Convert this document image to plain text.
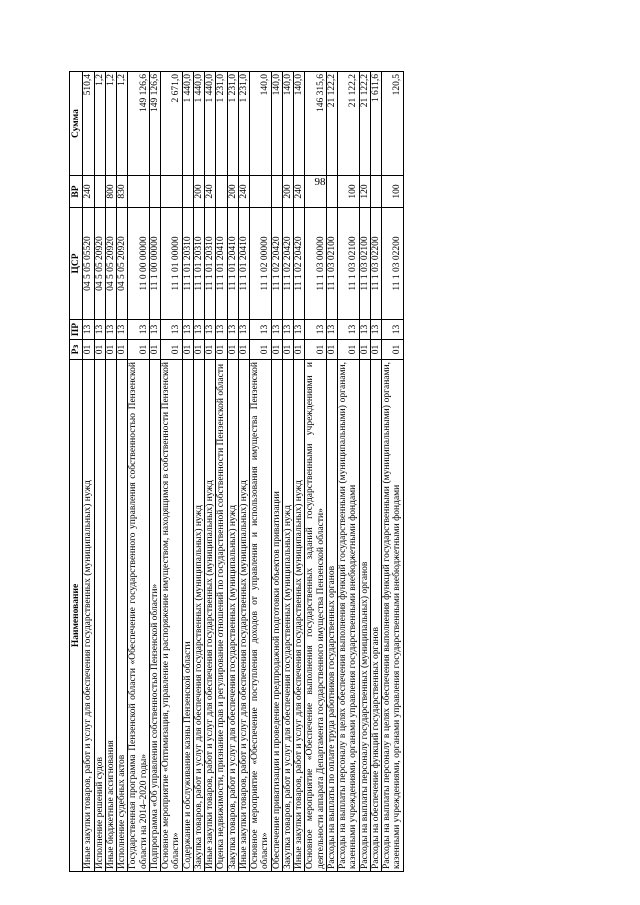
98
Наименование	Рз	ПР	ЦСР	ВР	Сумма
Иные закупки товаров, работ и услуг для обеспечения государственных (муниципальных) нужд	01	13	04 5 05 05520	240	510,4
Исполнение решений судов	01	13	04 5 05 20920		1,2
Иные бюджетные ассигнования	01	13	04 5 05 20920	800	1,2
Исполнение судебных актов	01	13	04 5 05 20920	830	1,2
Государственная программа Пензенской области «Обеспечение государственного управления собственностью Пензенской области на 2014–2020 годы»	01	13	11 0 00 00000		149 126,6
Подпрограмма «Об управлении собственностью Пензенской области»	01	13	11 1 00 00000		149 126,6
Основное мероприятие «Оптимизация, управление и распоряжение имуществом, находящимся в собственности Пензенской области»	01	13	11 1 01 00000		2 671,0
Содержание и обслуживание казны Пензенской области	01	13	11 1 01 20310		1 440,0
Закупка товаров, работ и услуг для обеспечения государственных (муниципальных) нужд	01	13	11 1 01 20310	200	1 440,0
Иные закупки товаров, работ и услуг для обеспечения государственных (муниципальных) нужд	01	13	11 1 01 20310	240	1 440,0
Оценка недвижимости, признание прав и регулирование отношений по государственной собственности Пензенской области	01	13	11 1 01 20410		1 231,0
Закупка товаров, работ и услуг для обеспечения государственных (муниципальных) нужд	01	13	11 1 01 20410	200	1 231,0
Иные закупки товаров, работ и услуг для обеспечения государственных (муниципальных) нужд	01	13	11 1 01 20410	240	1 231,0
Основное мероприятие «Обеспечение поступления доходов от управления и использования имущества Пензенской области»	01	13	11 1 02 00000		140,0
Обеспечение приватизации и проведение предпродажной подготовки объектов приватизации	01	13	11 1 02 20420		140,0
Закупка товаров, работ и услуг для обеспечения государственных (муниципальных) нужд	01	13	11 1 02 20420	200	140,0
Иные закупки товаров, работ и услуг для обеспечения государственных (муниципальных) нужд	01	13	11 1 02 20420	240	140,0
Основное мероприятие «Обеспечение выполнения государственных заданий государственными учреждениями и деятельности аппарата Департамента государственного имущества Пензенской области»	01	13	11 1 03 00000		146 315,6
Расходы на выплаты по оплате труда работников государственных органов	01	13	11 1 03 02100		21 122,2
Расходы на выплаты персоналу в целях обеспечения выполнения функций государственными (муниципальными) органами, казенными учреждениями, органами управления государственными внебюджетными фондами	01	13	11 1 03 02100	100	21 122,2
Расходы на выплаты персоналу государственных (муниципальных) органов	01	13	11 1 03 02100	120	21 122,2
Расходы на обеспечение функций государственных органов	01	13	11 1 03 02200		1 611,6
Расходы на выплаты персоналу в целях обеспечения выполнения функций государственными (муниципальными) органами, казенными учреждениями, органами управления государственными внебюджетными фондами	01	13	11 1 03 02200	100	120,5
